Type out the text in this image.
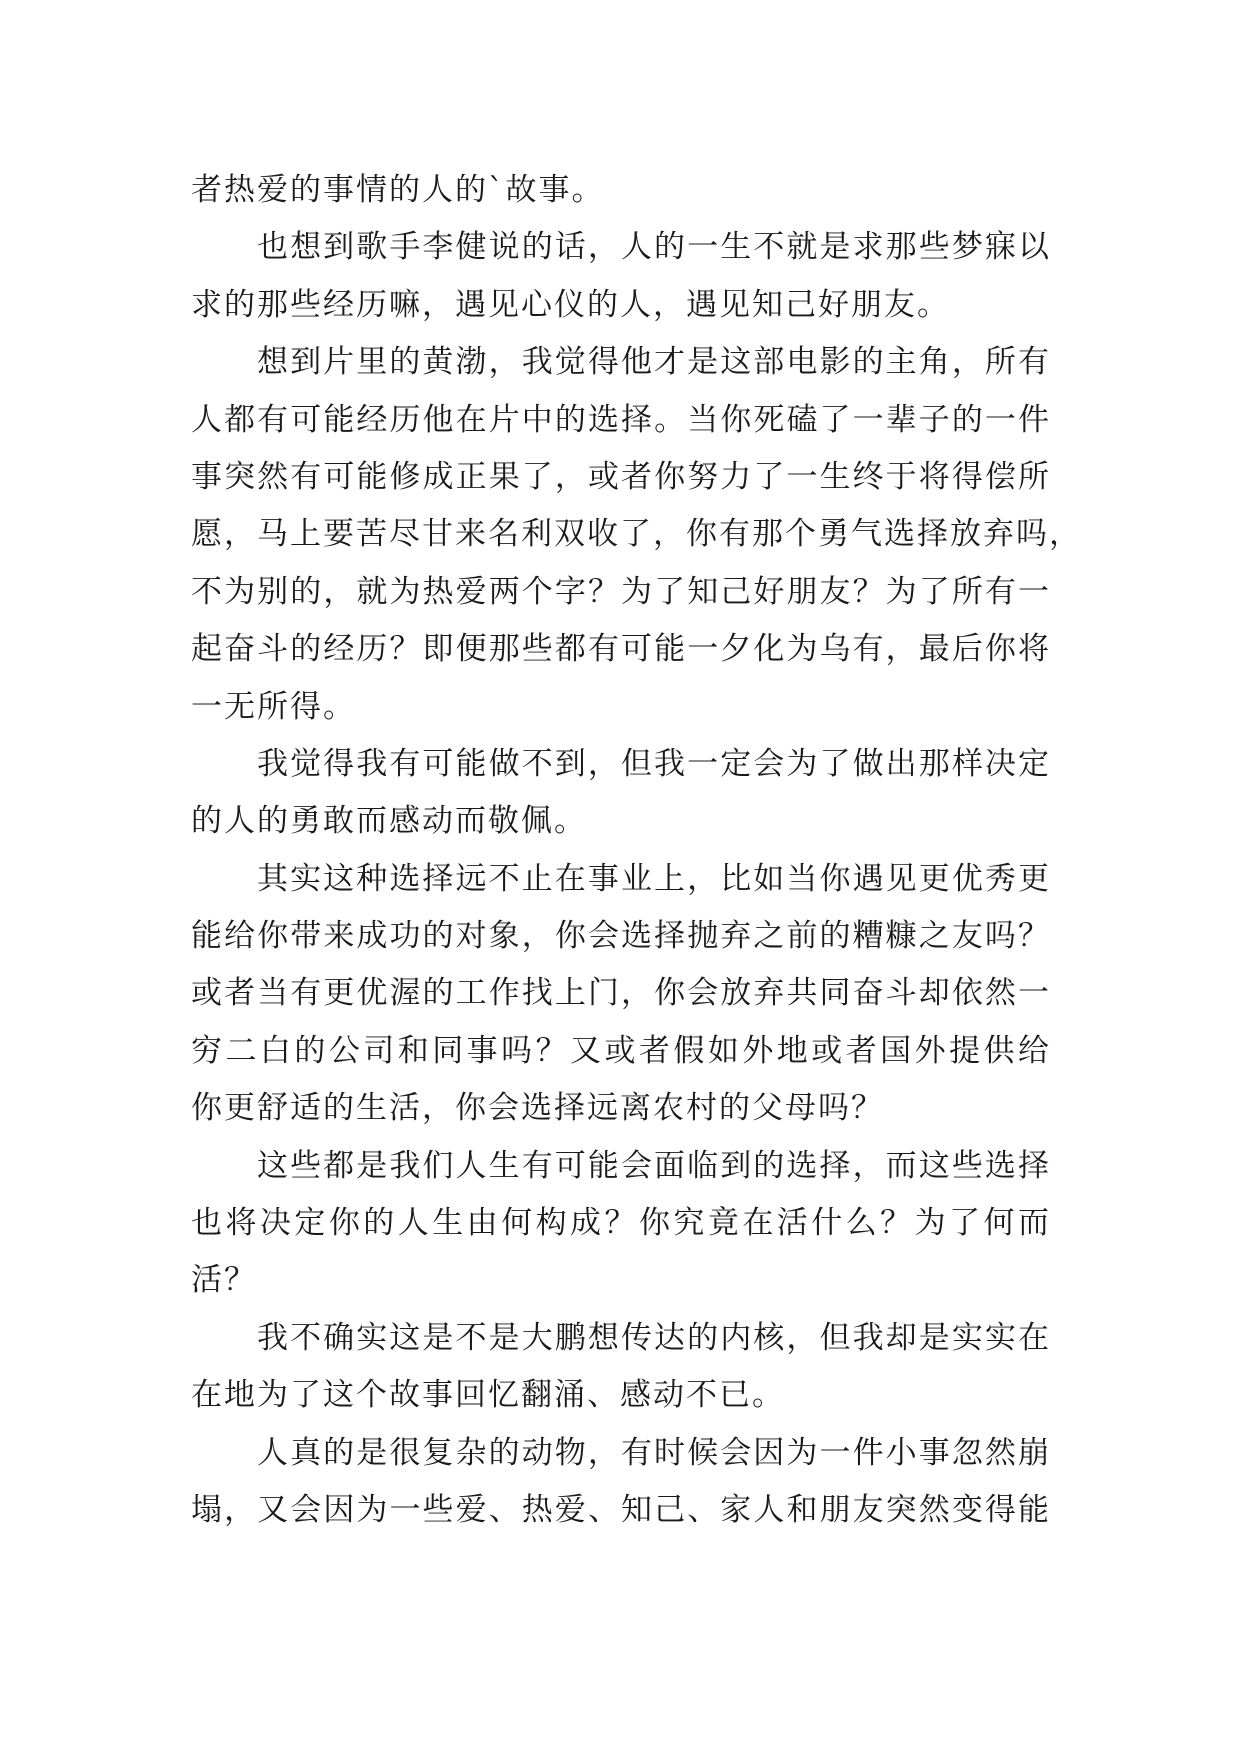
者热爱的事情的人的`故事。
也想到歌手李健说的话，人的一生不就是求那些梦寐以
求的那些经历嘛，遇见心仪的人，遇见知己好朋友。
想到片里的黄渤，我觉得他才是这部电影的主角，所有
人都有可能经历他在片中的选择。当你死磕了一辈子的一件
事突然有可能修成正果了，或者你努力了一生终于将得偿所
愿，马上要苦尽甘来名利双收了，你有那个勇气选择放弃吗，
不为别的，就为热爱两个字？为了知己好朋友？为了所有一
起奋斗的经历？即便那些都有可能一夕化为乌有，最后你将
一无所得。
我觉得我有可能做不到，但我一定会为了做出那样决定
的人的勇敢而感动而敬佩。
其实这种选择远不止在事业上，比如当你遇见更优秀更
能给你带来成功的对象，你会选择抛弃之前的糟糠之友吗？
或者当有更优渥的工作找上门，你会放弃共同奋斗却依然一
穷二白的公司和同事吗？又或者假如外地或者国外提供给
你更舒适的生活，你会选择远离农村的父母吗？
这些都是我们人生有可能会面临到的选择，而这些选择
也将决定你的人生由何构成？你究竟在活什么？为了何而
活？
我不确实这是不是大鹏想传达的内核，但我却是实实在
在地为了这个故事回忆翻涌、感动不已。
人真的是很复杂的动物，有时候会因为一件小事忽然崩
塌，又会因为一些爱、热爱、知己、家人和朋友突然变得能
